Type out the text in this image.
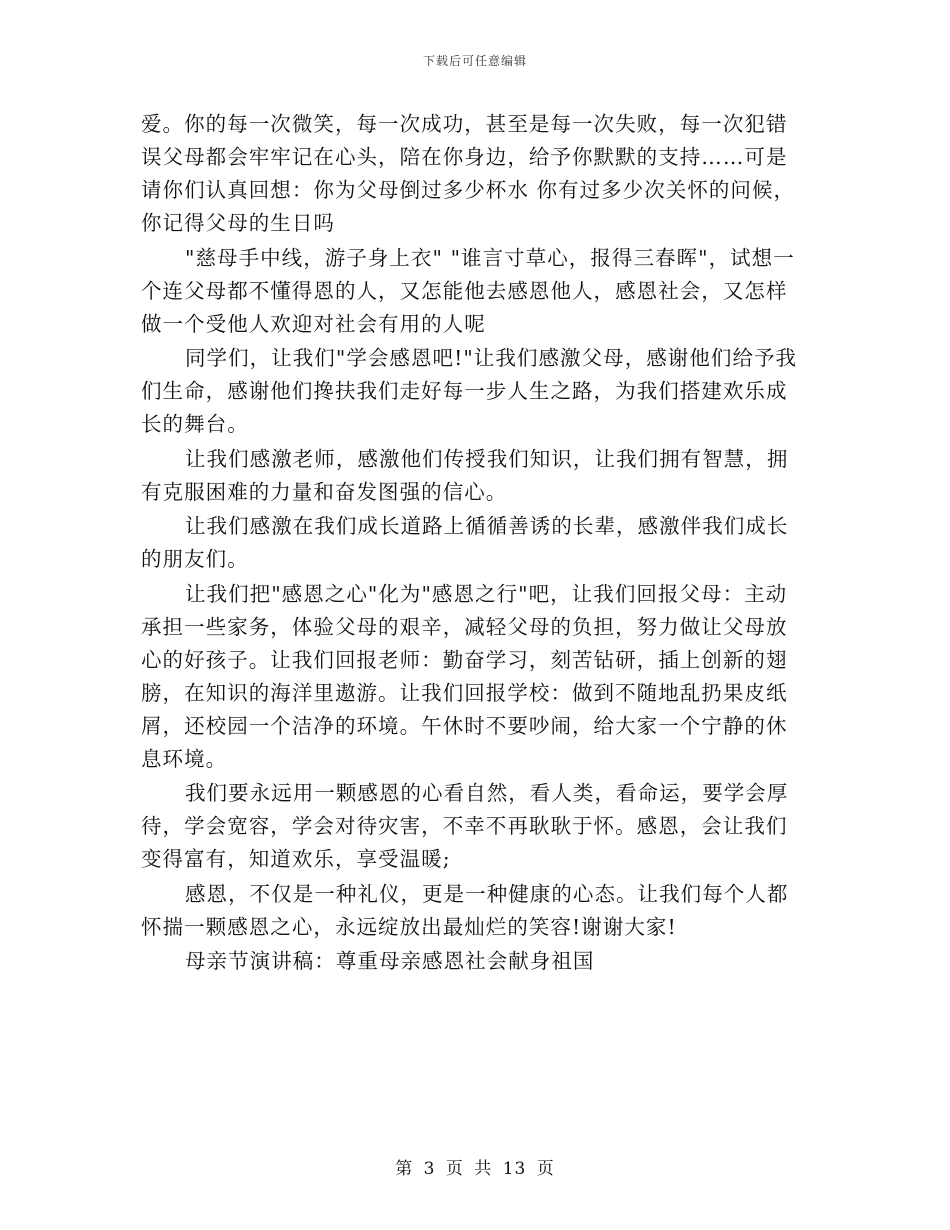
下载后可任意编辑
爱。你的每一次微笑，每一次成功，甚至是每一次失败，每一次犯错
误父母都会牢牢记在心头，陪在你身边，给予你默默的支持……可是
请你们认真回想：你为父母倒过多少杯水 你有过多少次关怀的问候，
你记得父母的生日吗
"慈母手中线，游子身上衣" "谁言寸草心，报得三春晖"，试想一
个连父母都不懂得恩的人，又怎能他去感恩他人，感恩社会，又怎样
做一个受他人欢迎对社会有用的人呢
同学们，让我们"学会感恩吧!"让我们感激父母，感谢他们给予我
们生命，感谢他们搀扶我们走好每一步人生之路，为我们搭建欢乐成
长的舞台。
让我们感激老师，感激他们传授我们知识，让我们拥有智慧，拥
有克服困难的力量和奋发图强的信心。
让我们感激在我们成长道路上循循善诱的长辈，感激伴我们成长
的朋友们。
让我们把"感恩之心"化为"感恩之行"吧，让我们回报父母：主动
承担一些家务，体验父母的艰辛，减轻父母的负担，努力做让父母放
心的好孩子。让我们回报老师：勤奋学习，刻苦钻研，插上创新的翅
膀，在知识的海洋里遨游。让我们回报学校：做到不随地乱扔果皮纸
屑，还校园一个洁净的环境。午休时不要吵闹，给大家一个宁静的休
息环境。
我们要永远用一颗感恩的心看自然，看人类，看命运，要学会厚
待，学会宽容，学会对待灾害，不幸不再耿耿于怀。感恩，会让我们
变得富有，知道欢乐，享受温暖;
感恩，不仅是一种礼仪，更是一种健康的心态。让我们每个人都
怀揣一颗感恩之心，永远绽放出最灿烂的笑容!谢谢大家!
母亲节演讲稿：尊重母亲感恩社会献身祖国
第 3 页 共 13 页
